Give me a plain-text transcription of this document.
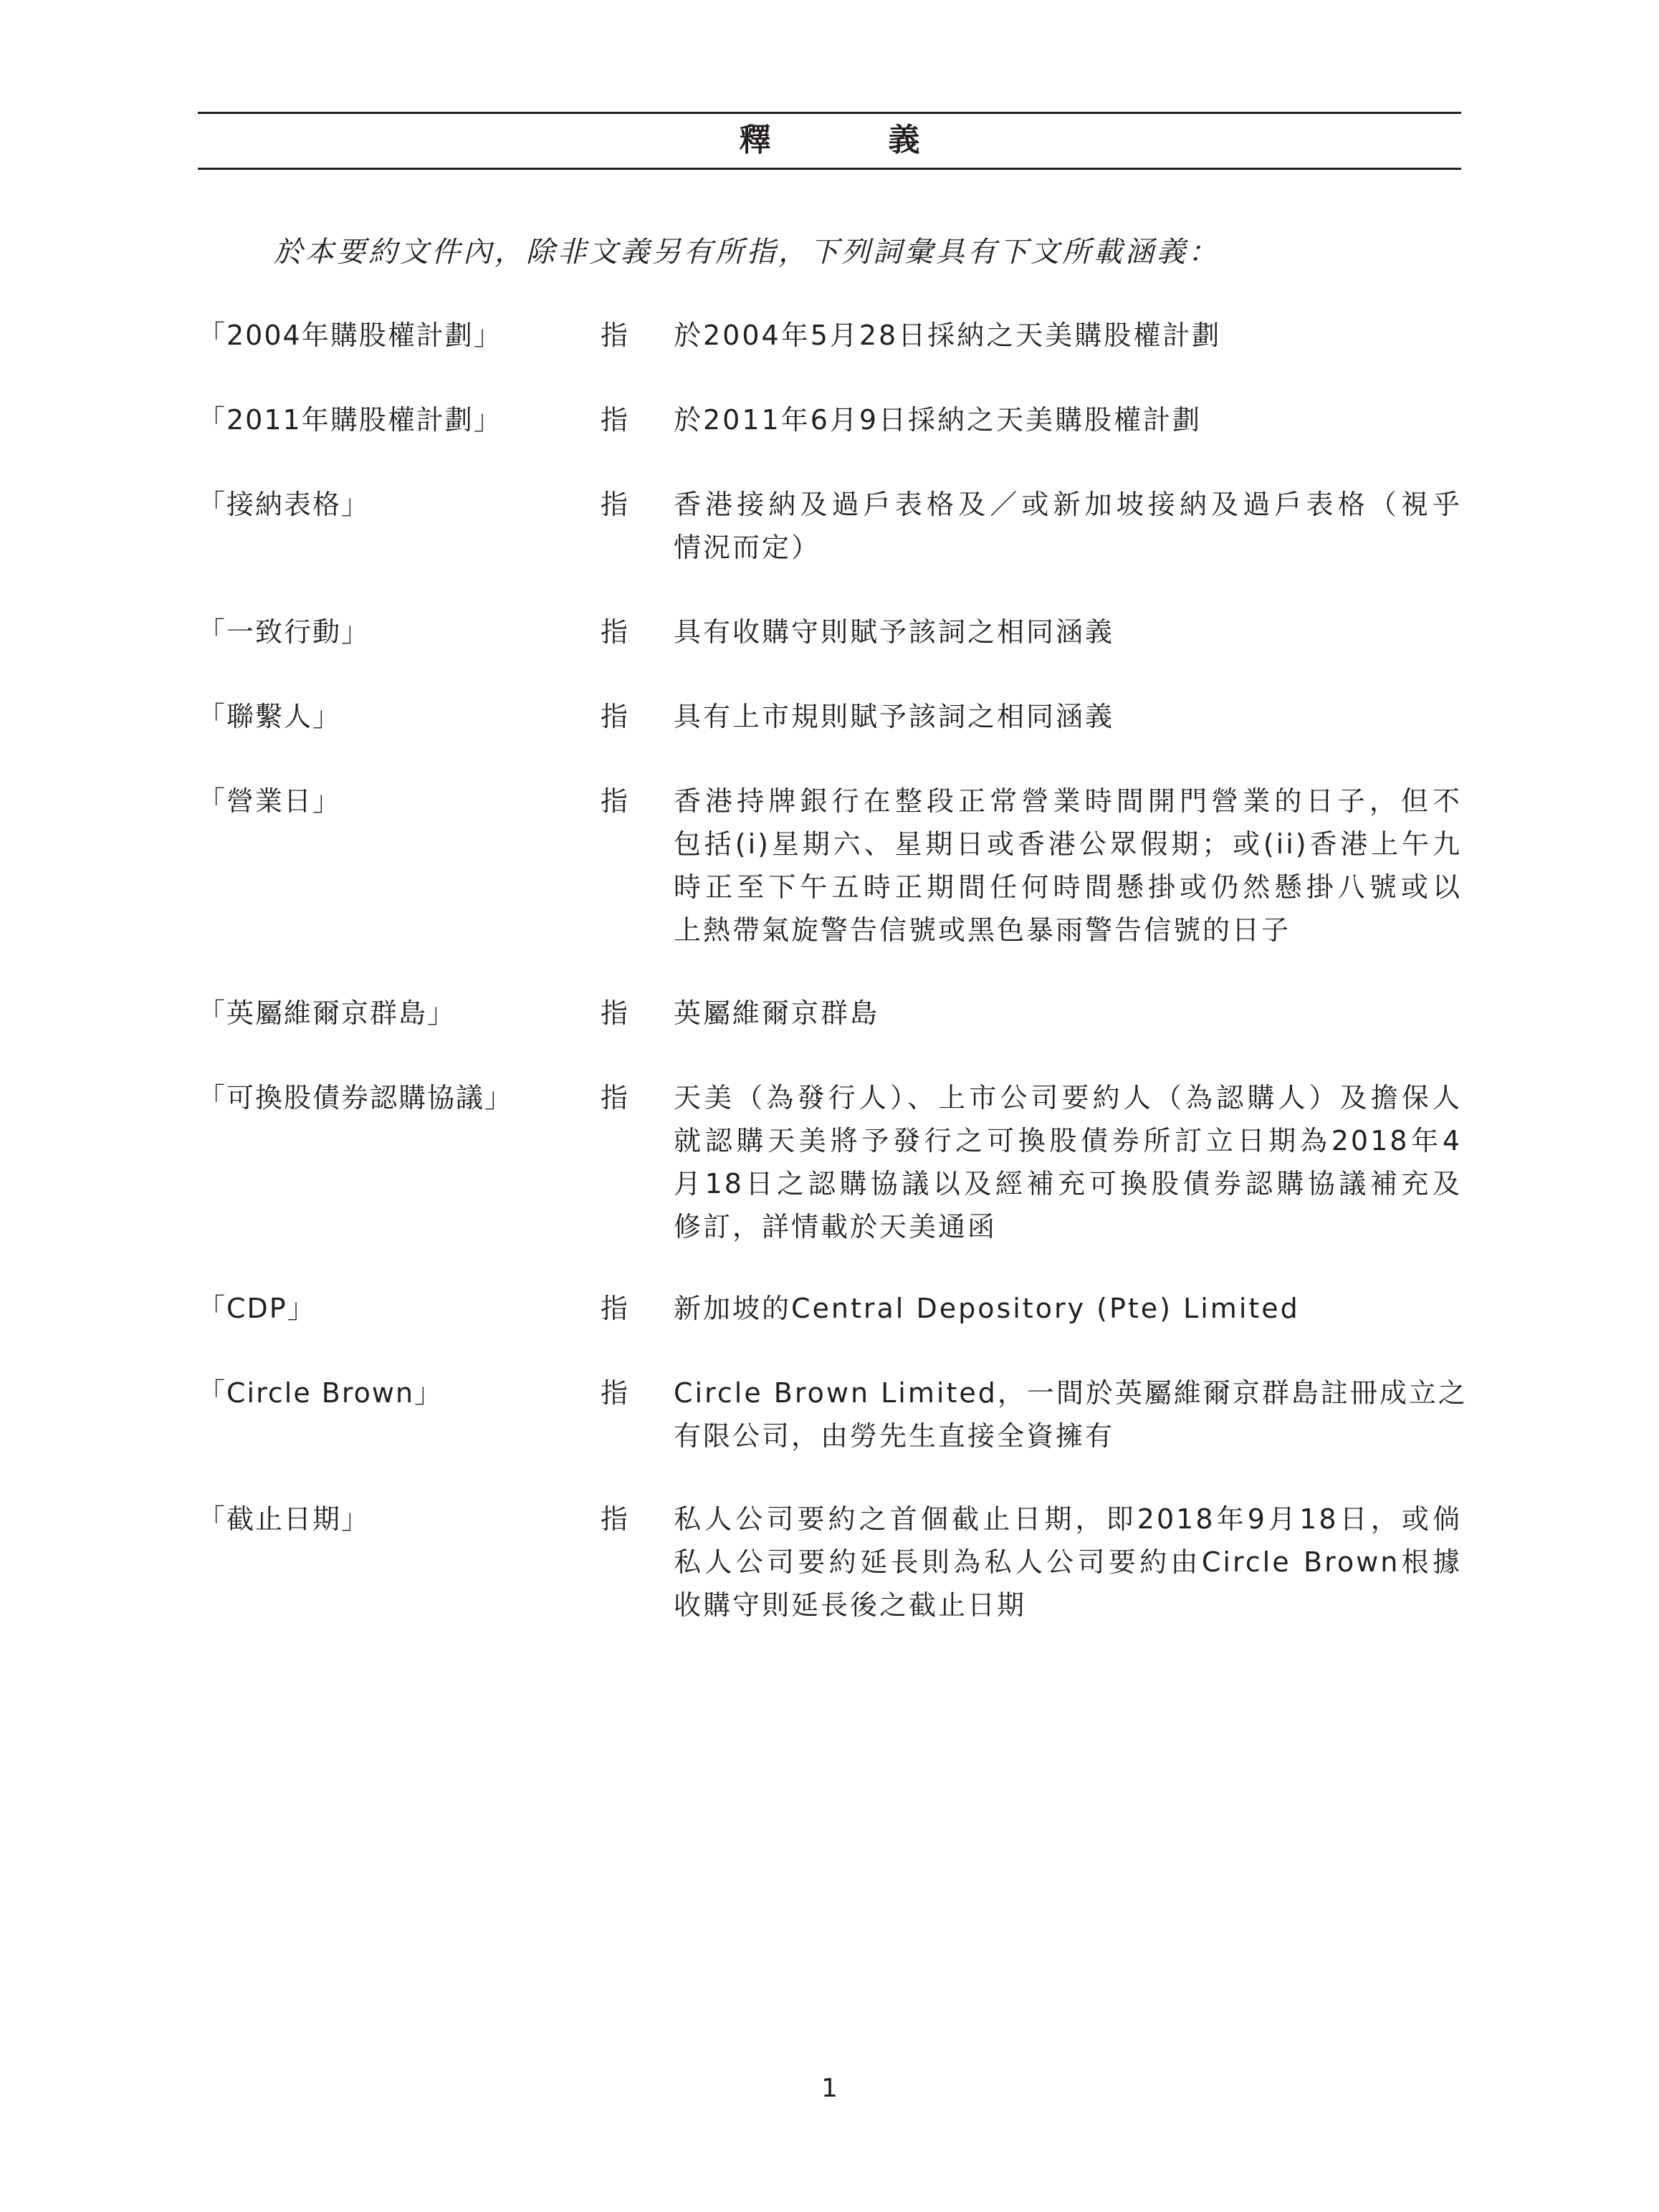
釋　義
於本要約文件內，除非文義另有所指，下列詞彙具有下文所載涵義：
「2004年購股權計劃」	指 於2004年5月28日採納之天美購股權計劃
「2011年購股權計劃」	指 於2011年6月9日採納之天美購股權計劃
「接納表格」	指 香港接納及過戶表格及／或新加坡接納及過戶表格（視乎
情況而定）
「一致行動」	指 具有收購守則賦予該詞之相同涵義
「聯繫人」	指 具有上市規則賦予該詞之相同涵義
「營業日」	指 香港持牌銀行在整段正常營業時間開門營業的日子，但不
包括(i)星期六、星期日或香港公眾假期；或(ii)香港上午九
時正至下午五時正期間任何時間懸掛或仍然懸掛八號或以
上熱帶氣旋警告信號或黑色暴雨警告信號的日子
「英屬維爾京群島」	指 英屬維爾京群島
「可換股債券認購協議」	指 天美（為發行人）、上市公司要約人（為認購人）及擔保人
就認購天美將予發行之可換股債券所訂立日期為2018年4
月18日之認購協議以及經補充可換股債券認購協議補充及
修訂，詳情載於天美通函
「CDP」	指 新加坡的Central Depository (Pte) Limited
「Circle Brown」	指 Circle Brown Limited，一間於英屬維爾京群島註冊成立之
有限公司，由勞先生直接全資擁有
「截止日期」	指 私人公司要約之首個截止日期，即2018年9月18日，或倘
私人公司要約延長則為私人公司要約由Circle Brown根據
收購守則延長後之截止日期
1
